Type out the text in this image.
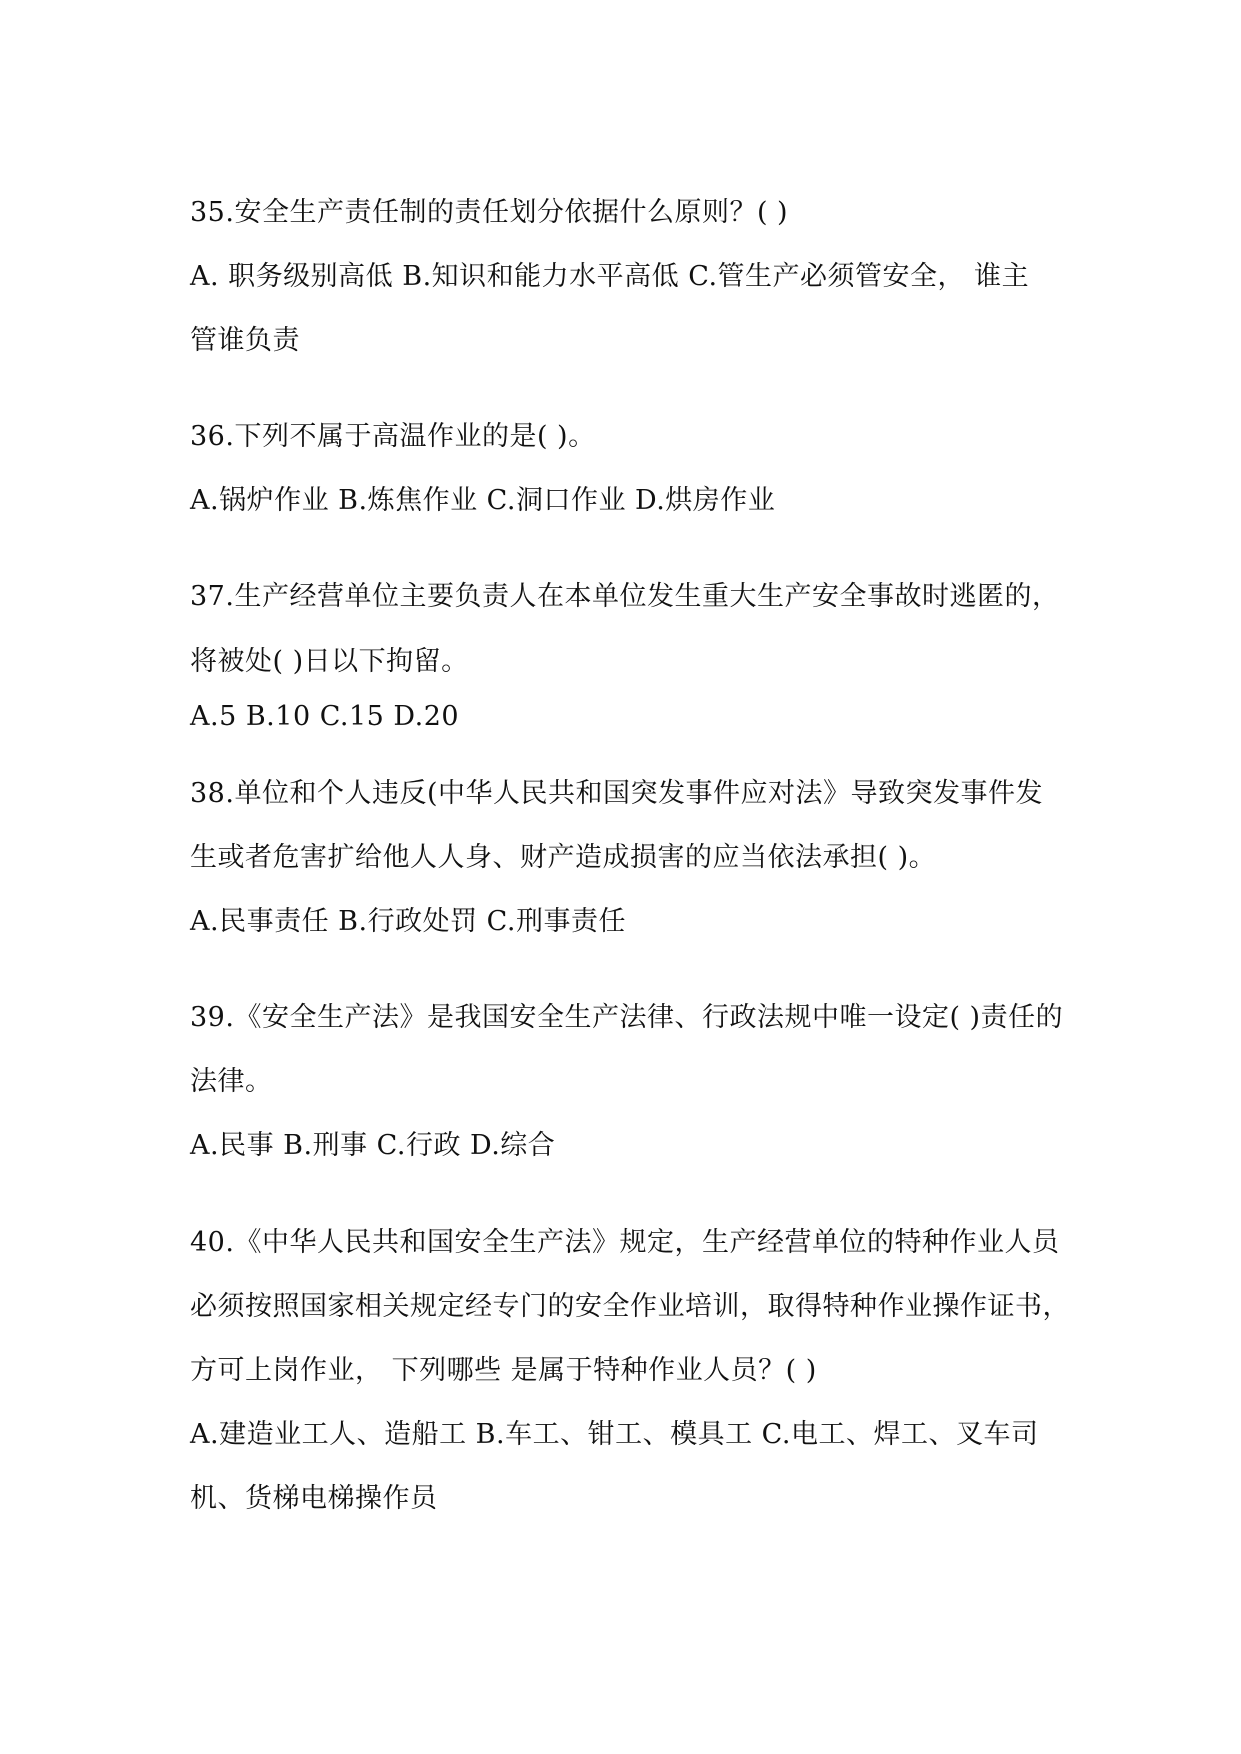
35.安全生产责任制的责任划分依据什么原则？( )
A. 职务级别高低 B.知识和能力水平高低 C.管生产必须管安全， 谁主
管谁负责
36.下列不属于高温作业的是( )。
A.锅炉作业 B.炼焦作业 C.洞口作业 D.烘房作业
37.生产经营单位主要负责人在本单位发生重大生产安全事故时逃匿的，
将被处( )日以下拘留。
A.5 B.10 C.15 D.20
38.单位和个人违反(中华人民共和国突发事件应对法》导致突发事件发
生或者危害扩给他人人身、财产造成损害的应当依法承担( )。
A.民事责任 B.行政处罚 C.刑事责任
39.《安全生产法》是我国安全生产法律、行政法规中唯一设定( )责任的
法律。
A.民事 B.刑事 C.行政 D.综合
40.《中华人民共和国安全生产法》规定，生产经营单位的特种作业人员
必须按照国家相关规定经专门的安全作业培训，取得特种作业操作证书，
方可上岗作业， 下列哪些 是属于特种作业人员？( )
A.建造业工人、造船工 B.车工、钳工、模具工 C.电工、焊工、叉车司
机、货梯电梯操作员
